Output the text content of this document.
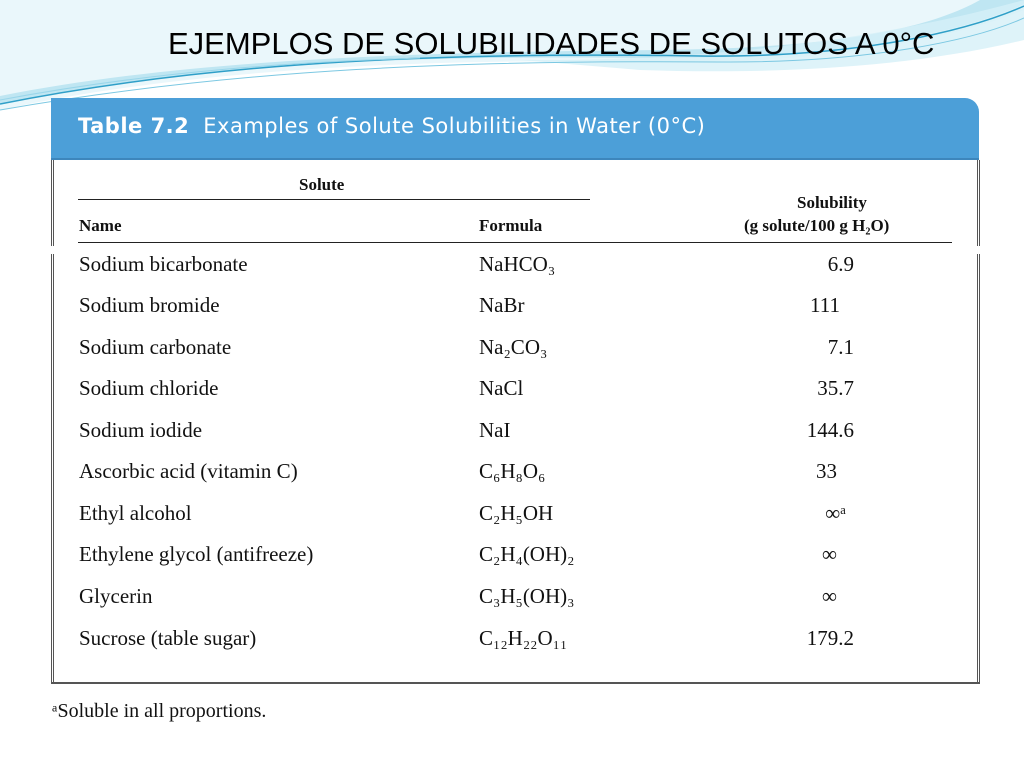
EJEMPLOS DE SOLUBILIDADES DE SOLUTOS A 0°C
Table 7.2 Examples of Solute Solubilities in Water (0°C)
Solute
Name	Formula
Solubility
(g solute/100 g H₂O)
Sodium bicarbonate	NaHCO₃	6.9
Sodium bromide	NaBr	111
Sodium carbonate	Na₂CO₃	7.1
Sodium chloride	NaCl	35.7
Sodium iodide	NaI	144.6
Ascorbic acid (vitamin C)	C₆H₈O₆	33
Ethyl alcohol	C₂H₅OH	∞ᵃ
Ethylene glycol (antifreeze)	C₂H₄(OH)₂	∞
Glycerin	C₃H₅(OH)₃	∞
Sucrose (table sugar)	C₁₂H₂₂O₁₁	179.2
ᵃSoluble in all proportions.
